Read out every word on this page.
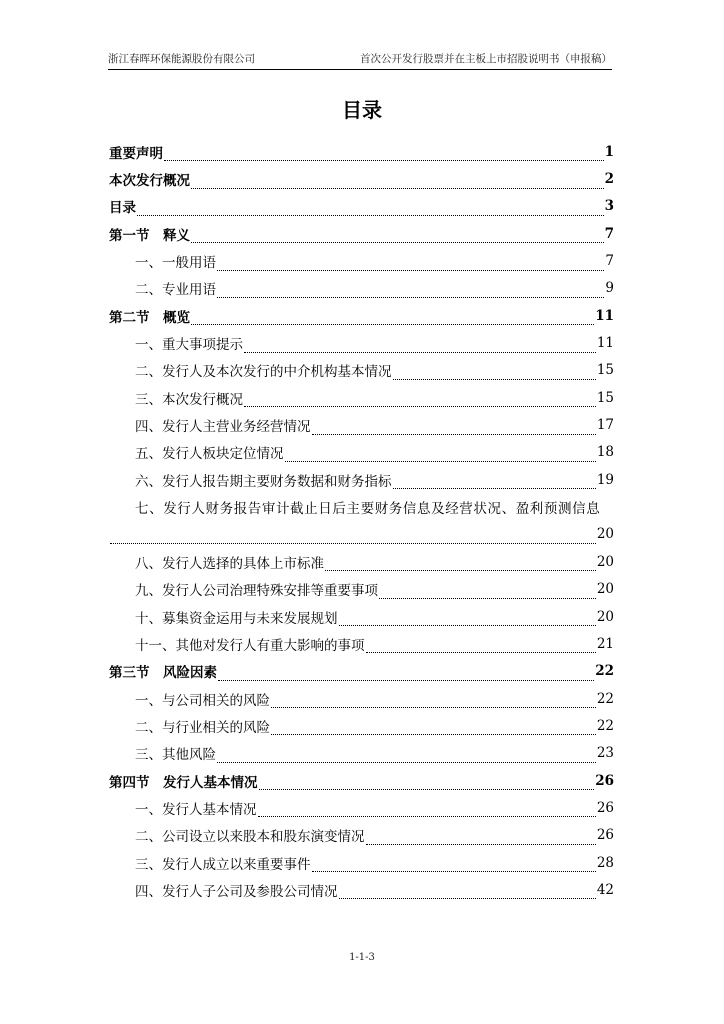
浙江春晖环保能源股份有限公司	首次公开发行股票并在主板上市招股说明书（申报稿）
目录
重要声明	1
本次发行概况	2
目录	3
第一节　释义	7
一、一般用语	7
二、专业用语	9
第二节　概览	11
一、重大事项提示	11
二、发行人及本次发行的中介机构基本情况	15
三、本次发行概况	15
四、发行人主营业务经营情况	17
五、发行人板块定位情况	18
六、发行人报告期主要财务数据和财务指标	19
七、发行人财务报告审计截止日后主要财务信息及经营状况、盈利预测信息
20
八、发行人选择的具体上市标准	20
九、发行人公司治理特殊安排等重要事项	20
十、募集资金运用与未来发展规划	20
十一、其他对发行人有重大影响的事项	21
第三节　风险因素	22
一、与公司相关的风险	22
二、与行业相关的风险	22
三、其他风险	23
第四节　发行人基本情况	26
一、发行人基本情况	26
二、公司设立以来股本和股东演变情况	26
三、发行人成立以来重要事件	28
四、发行人子公司及参股公司情况	42
1-1-3
